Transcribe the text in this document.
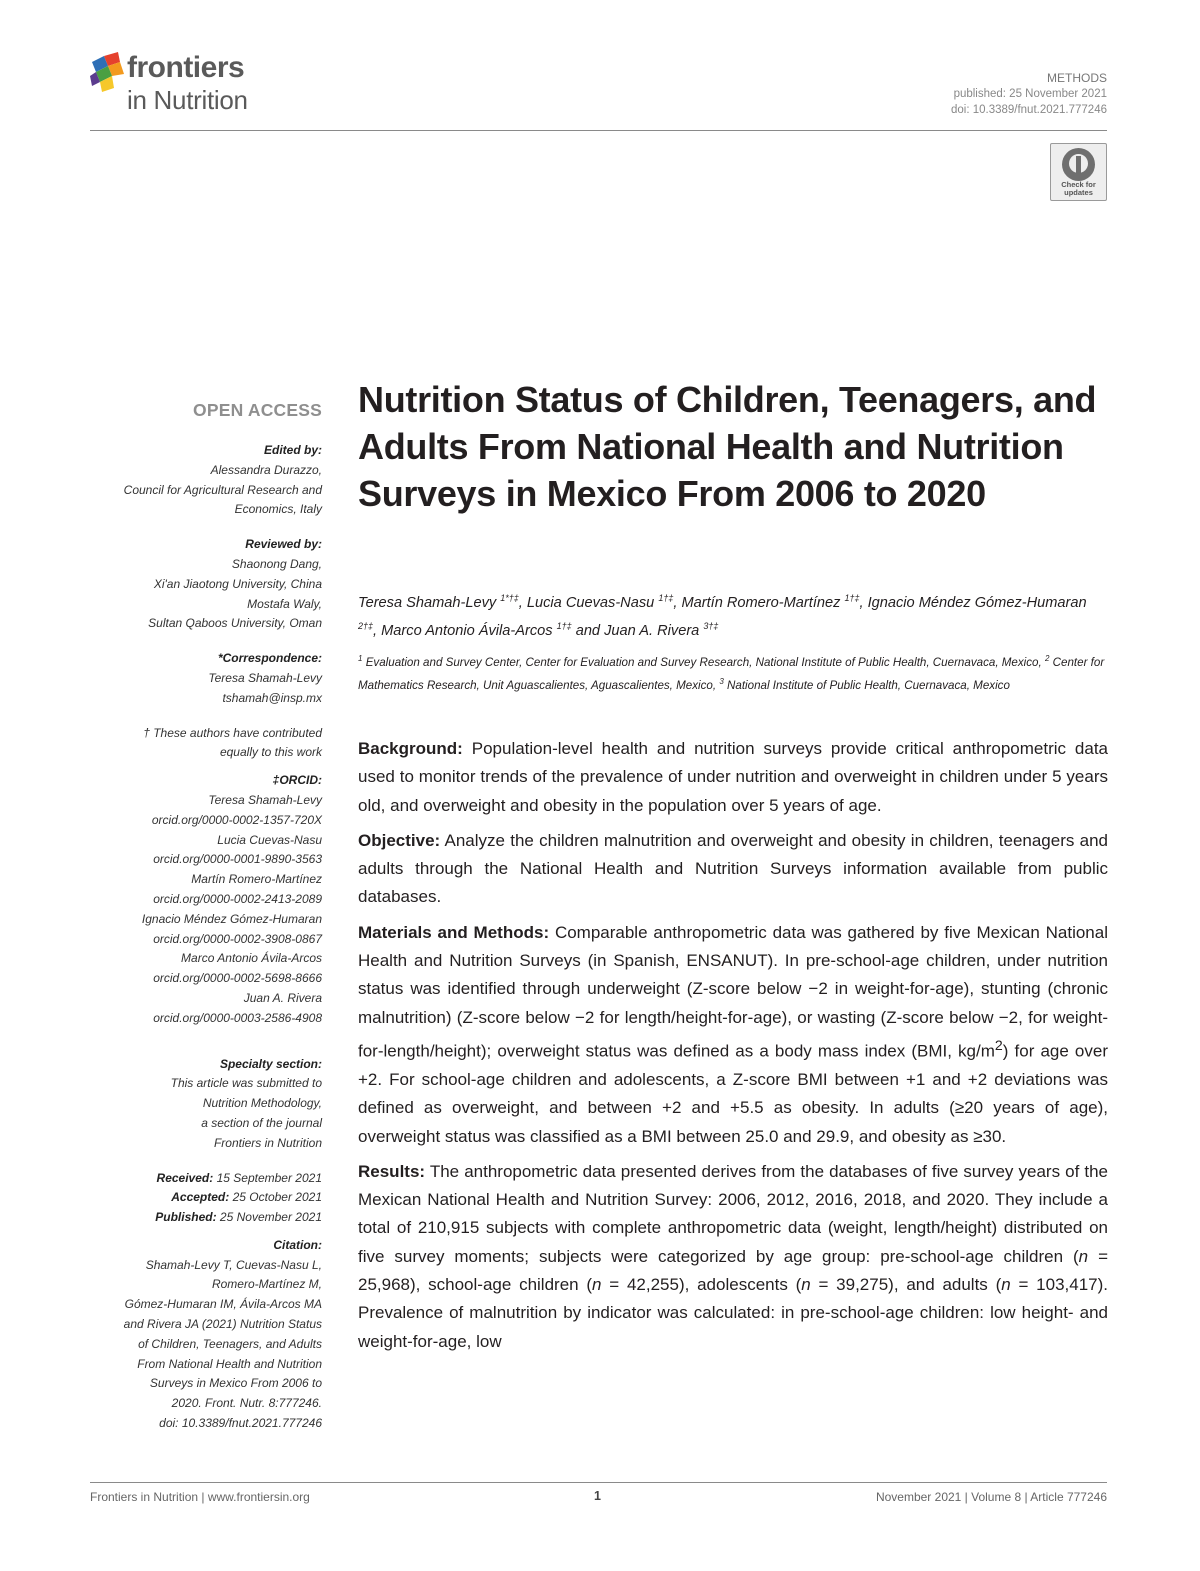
frontiers
in Nutrition
METHODS
published: 25 November 2021
doi: 10.3389/fnut.2021.777246
Check for updates
OPEN ACCESS
Edited by:
Alessandra Durazzo,
Council for Agricultural Research and
Economics, Italy
Reviewed by:
Shaonong Dang,
Xi'an Jiaotong University, China
Mostafa Waly,
Sultan Qaboos University, Oman
*Correspondence:
Teresa Shamah-Levy
tshamah@insp.mx
† These authors have contributed
equally to this work
‡ORCID:
Teresa Shamah-Levy
orcid.org/0000-0002-1357-720X
Lucia Cuevas-Nasu
orcid.org/0000-0001-9890-3563
Martín Romero-Martínez
orcid.org/0000-0002-2413-2089
Ignacio Méndez Gómez-Humaran
orcid.org/0000-0002-3908-0867
Marco Antonio Ávila-Arcos
orcid.org/0000-0002-5698-8666
Juan A. Rivera
orcid.org/0000-0003-2586-4908
Specialty section:
This article was submitted to
Nutrition Methodology,
a section of the journal
Frontiers in Nutrition
Received: 15 September 2021
Accepted: 25 October 2021
Published: 25 November 2021
Citation:
Shamah-Levy T, Cuevas-Nasu L,
Romero-Martínez M,
Gómez-Humaran IM, Ávila-Arcos MA
and Rivera JA (2021) Nutrition Status
of Children, Teenagers, and Adults
From National Health and Nutrition
Surveys in Mexico From 2006 to
2020. Front. Nutr. 8:777246.
doi: 10.3389/fnut.2021.777246
Nutrition Status of Children, Teenagers, and Adults From National Health and Nutrition Surveys in Mexico From 2006 to 2020
Teresa Shamah-Levy $^{1*\dagger\ddagger}$, Lucia Cuevas-Nasu $^{1\dagger\ddagger}$, Martín Romero-Martínez $^{1\dagger\ddagger}$, Ignacio Méndez Gómez-Humaran $^{2\dagger\ddagger}$, Marco Antonio Ávila-Arcos $^{1\dagger\ddagger}$ and Juan A. Rivera $^{3\dagger\ddagger}$
$^1$ Evaluation and Survey Center, Center for Evaluation and Survey Research, National Institute of Public Health, Cuernavaca, Mexico, $^2$ Center for Mathematics Research, Unit Aguascalientes, Aguascalientes, Mexico, $^3$ National Institute of Public Health, Cuernavaca, Mexico

Background: Population-level health and nutrition surveys provide critical anthropometric data used to monitor trends of the prevalence of under nutrition and overweight in children under 5 years old, and overweight and obesity in the population over 5 years of age.

Objective: Analyze the children malnutrition and overweight and obesity in children, teenagers and adults through the National Health and Nutrition Surveys information available from public databases.

Materials and Methods: Comparable anthropometric data was gathered by five Mexican National Health and Nutrition Surveys (in Spanish, ENSANUT). In pre-school-age children, under nutrition status was identified through underweight (Z-score below −2 in weight-for-age), stunting (chronic malnutrition) (Z-score below −2 for length/height-for-age), or wasting (Z-score below −2, for weight-for-length/height); overweight status was defined as a body mass index (BMI, $kg/m^2$) for age over +2. For school-age children and adolescents, a Z-score BMI between +1 and +2 deviations was defined as overweight, and between +2 and +5.5 as obesity. In adults (≥20 years of age), overweight status was classified as a BMI between 25.0 and 29.9, and obesity as ≥30.

Results: The anthropometric data presented derives from the databases of five survey years of the Mexican National Health and Nutrition Survey: 2006, 2012, 2016, 2018, and 2020. They include a total of 210,915 subjects with complete anthropometric data (weight, length/height) distributed on five survey moments; subjects were categorized by age group: pre-school-age children (n = 25,968), school-age children (n = 42,255), adolescents (n = 39,275), and adults (n = 103,417). Prevalence of malnutrition by indicator was calculated: in pre-school-age children: low height- and weight-for-age, low

Frontiers in Nutrition | www.frontiersin.org	1	November 2021 | Volume 8 | Article 777246
